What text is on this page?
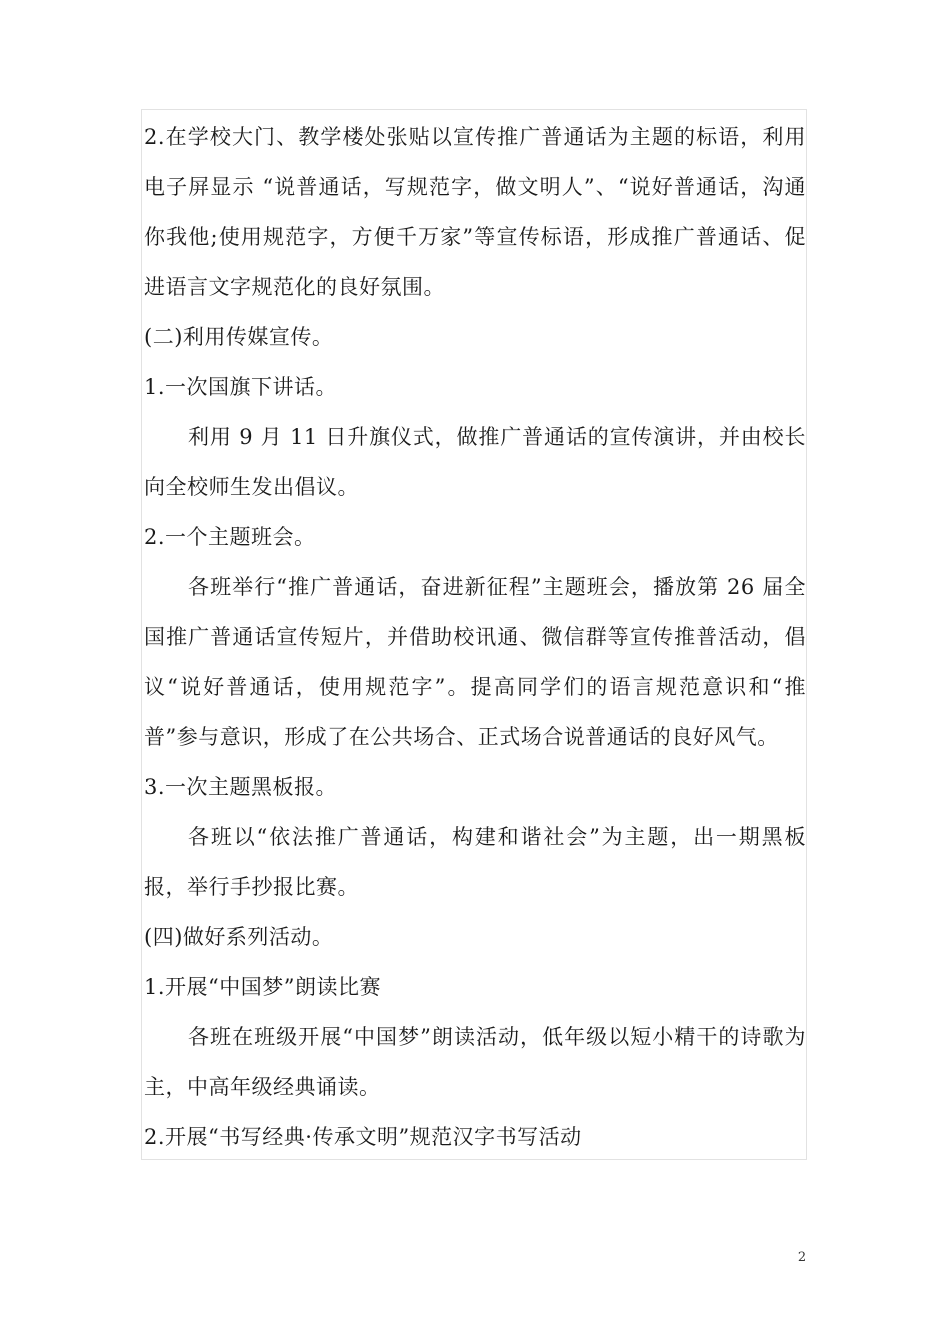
2.在学校大门、教学楼处张贴以宣传推广普通话为主题的标语，利用电子屏显示 “说普通话，写规范字，做文明人”、“说好普通话，沟通你我他;使用规范字，方便千万家”等宣传标语，形成推广普通话、促进语言文字规范化的良好氛围。

(二)利用传媒宣传。

1.一次国旗下讲话。

利用 9 月 11 日升旗仪式，做推广普通话的宣传演讲，并由校长向全校师生发出倡议。

2.一个主题班会。

各班举行“推广普通话，奋进新征程”主题班会，播放第 26 届全国推广普通话宣传短片，并借助校讯通、微信群等宣传推普活动，倡议“说好普通话，使用规范字”。提高同学们的语言规范意识和“推普”参与意识，形成了在公共场合、正式场合说普通话的良好风气。

3.一次主题黑板报。

各班以“依法推广普通话，构建和谐社会”为主题，出一期黑板报，举行手抄报比赛。

(四)做好系列活动。

1.开展“中国梦”朗读比赛

各班在班级开展“中国梦”朗读活动，低年级以短小精干的诗歌为主，中高年级经典诵读。

2.开展“书写经典·传承文明”规范汉字书写活动

2
